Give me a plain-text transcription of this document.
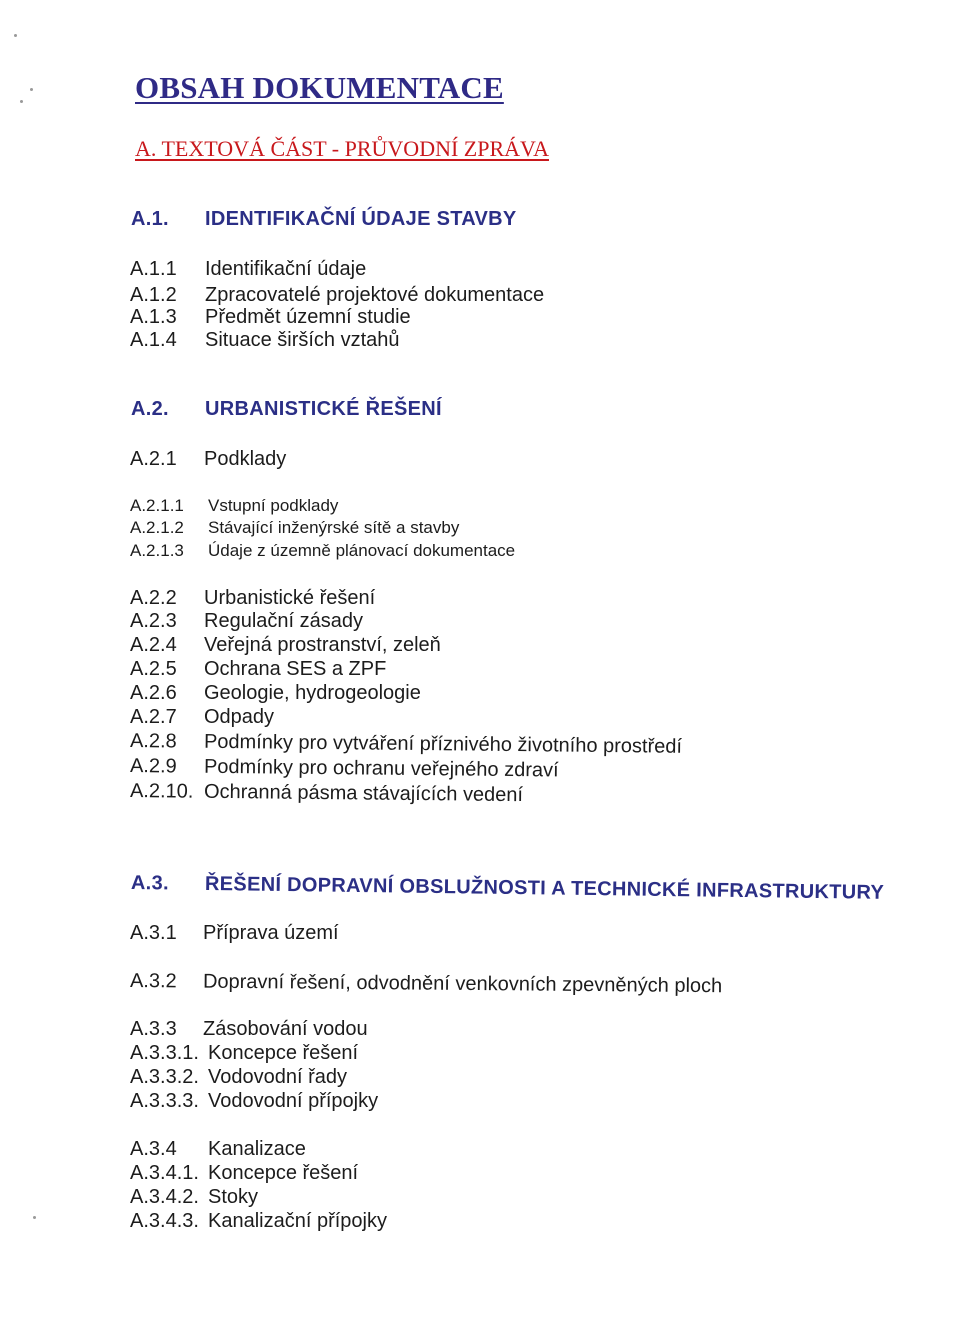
OBSAH DOKUMENTACE
A. TEXTOVÁ ČÁST - PRŮVODNÍ ZPRÁVA
A.1. IDENTIFIKAČNÍ ÚDAJE STAVBY
A.1.1 Identifikační údaje
A.1.2 Zpracovatelé projektové dokumentace
A.1.3 Předmět územní studie
A.1.4 Situace širších vztahů
A.2. URBANISTICKÉ ŘEŠENÍ
A.2.1 Podklady
A.2.1.1 Vstupní podklady
A.2.1.2 Stávající inženýrské sítě a stavby
A.2.1.3 Údaje z územně plánovací dokumentace
A.2.2 Urbanistické řešení
A.2.3 Regulační zásady
A.2.4 Veřejná prostranství, zeleň
A.2.5 Ochrana SES a ZPF
A.2.6 Geologie, hydrogeologie
A.2.7 Odpady
A.2.8 Podmínky pro vytváření příznivého životního prostředí
A.2.9 Podmínky pro ochranu veřejného zdraví
A.2.10. Ochranná pásma stávajících vedení
A.3. ŘEŠENÍ DOPRAVNÍ OBSLUŽNOSTI A TECHNICKÉ INFRASTRUKTURY
A.3.1 Příprava území
A.3.2 Dopravní řešení, odvodnění venkovních zpevněných ploch
A.3.3 Zásobování vodou
A.3.3.1. Koncepce řešení
A.3.3.2. Vodovodní řady
A.3.3.3. Vodovodní přípojky
A.3.4 Kanalizace
A.3.4.1. Koncepce řešení
A.3.4.2. Stoky
A.3.4.3. Kanalizační přípojky
